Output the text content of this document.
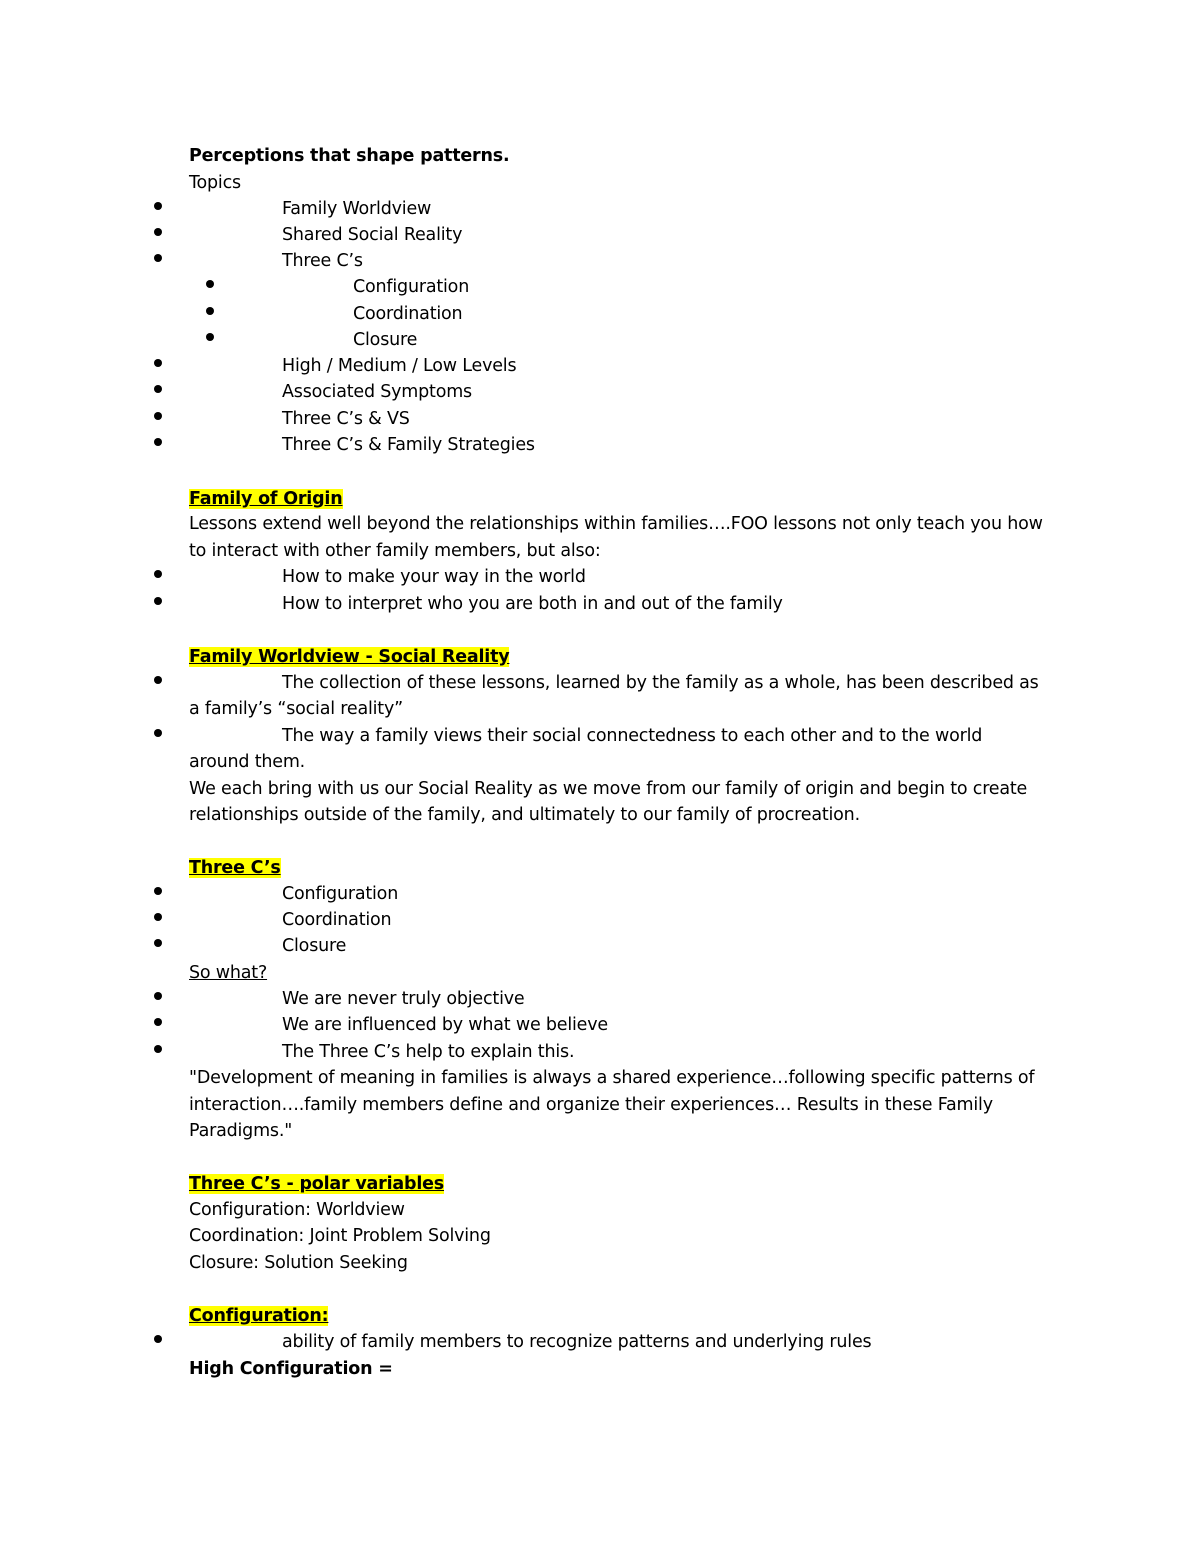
Perceptions that shape patterns.
Topics
Family Worldview
Shared Social Reality
Three C’s
Configuration
Coordination
Closure
High / Medium / Low Levels
Associated Symptoms
Three C’s & VS
Three C’s & Family Strategies
Family of Origin
Lessons extend well beyond the relationships within families….FOO lessons not only teach you how
to interact with other family members, but also:
How to make your way in the world
How to interpret who you are both in and out of the family
Family Worldview - Social Reality
The collection of these lessons, learned by the family as a whole, has been described as
a family’s “social reality”
The way a family views their social connectedness to each other and to the world
around them.
We each bring with us our Social Reality as we move from our family of origin and begin to create
relationships outside of the family, and ultimately to our family of procreation.
Three C’s
Configuration
Coordination
Closure
So what?
We are never truly objective
We are influenced by what we believe
The Three C’s help to explain this.
"Development of meaning in families is always a shared experience…following specific patterns of
interaction….family members define and organize their experiences… Results in these Family
Paradigms."
Three C’s - polar variables
Configuration: Worldview
Coordination: Joint Problem Solving
Closure: Solution Seeking
Configuration:
ability of family members to recognize patterns and underlying rules
High Configuration =
